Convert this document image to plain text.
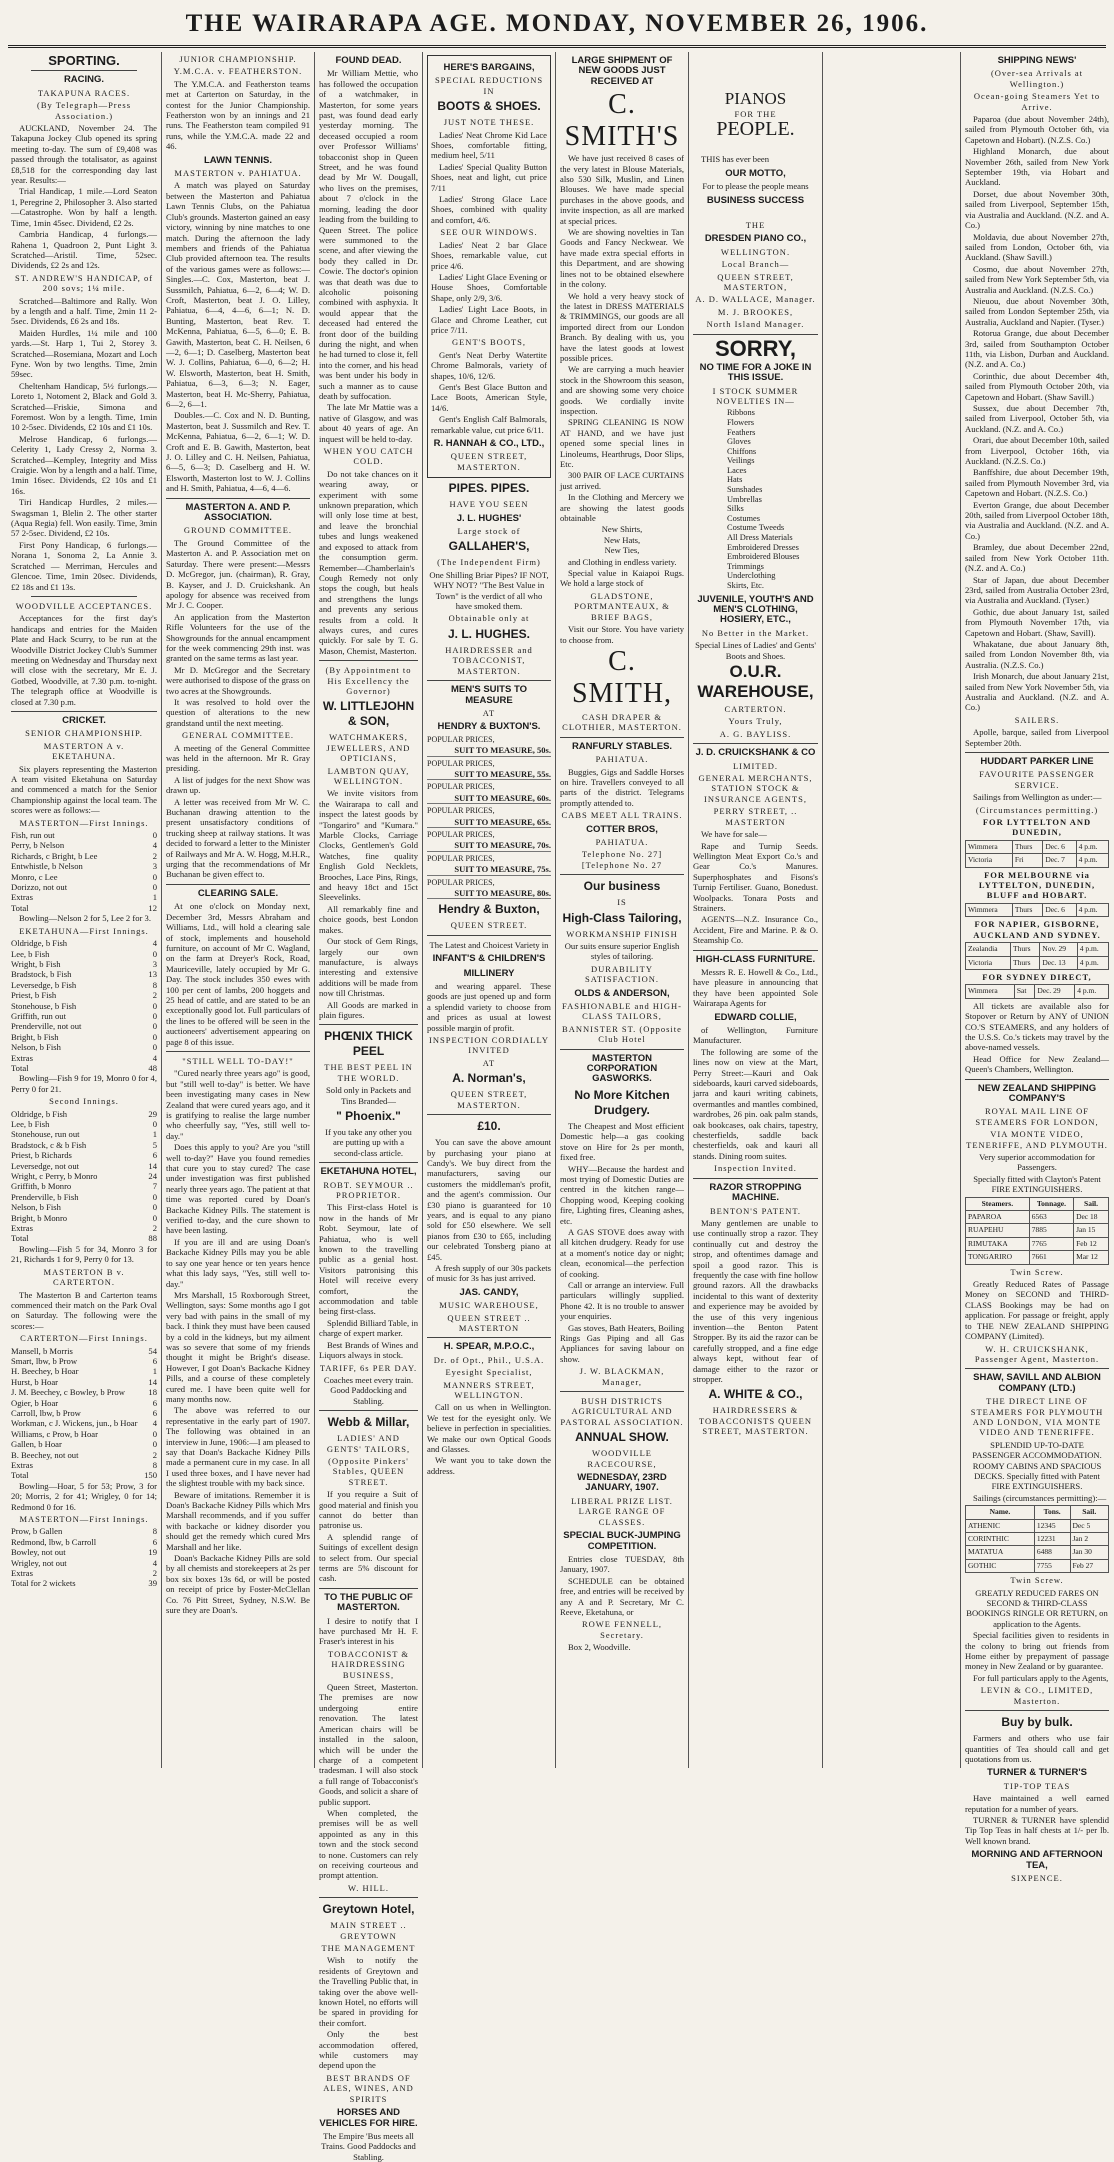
THE WAIRARAPA AGE. MONDAY, NOVEMBER 26, 1906.
SPORTING.
RACING.
TAKAPUNA RACES.
(By Telegraph—Press Association.)

AUCKLAND, November 24. The Takapuna Jockey Club opened its spring meeting to-day. The sum of £9,408 was passed through the totalisator, as against £8,518 for the corresponding day last year. Results:—

Trial Handicap, 1 mile.—Lord Seaton 1, Peregrine 2, Philosopher 3. Also started—Catastrophe. Won by half a length. Time, 1min 45sec. Dividend, £2 2s.

Cambria Handicap, 4 furlongs.—Rahena 1, Quadroon 2, Punt Light 3. Scratched—Aristil. Time, 52sec. Dividends, £2 2s and 12s.

ST. ANDREW'S HANDICAP, of 200 sovs; 1¼ mile.

Scratched—Baltimore and Rally. Won by a length and a half. Time, 2min 11 2-5sec. Dividends, £6 2s and 18s.

Maiden Hurdles, 1¼ mile and 100 yards.—St. Harp 1, Tui 2, Storey 3. Scratched—Rosemiana, Mozart and Loch Fyne. Won by two lengths. Time, 2min 59sec.

Cheltenham Handicap, 5½ furlongs.—Loreto 1, Notoment 2, Black and Gold 3. Scratched—Friskie, Simona and Foremost. Won by a length. Time, 1min 10 2-5sec. Dividends, £2 10s and £1 10s.

Melrose Handicap, 6 furlongs.—Celerity 1, Lady Cressy 2, Norma 3. Scratched—Kempley, Integrity and Miss Craigie. Won by a length and a half. Time, 1min 16sec. Dividends, £2 10s and £1 16s.

Tiri Handicap Hurdles, 2 miles.—Swagsman 1, Blelin 2. The other starter (Aqua Regia) fell. Won easily. Time, 3min 57 2-5sec. Dividend, £2 10s.

First Pony Handicap, 6 furlongs.—Norana 1, Sonoma 2, La Annie 3. Scratched — Merriman, Hercules and Glencoe. Time, 1min 20sec. Dividends, £2 18s and £1 13s.

WOODVILLE ACCEPTANCES.

Acceptances for the first day's handicaps and entries for the Maiden Plate and Hack Scurry, to be run at the Woodville District Jockey Club's Summer meeting on Wednesday and Thursday next will close with the secretary, Mr E. J. Gotbed, Woodville, at 7.30 p.m. to-night. The telegraph office at Woodville is closed at 7.30 p.m.

CRICKET.
SENIOR CHAMPIONSHIP.
MASTERTON A v. EKETAHUNA.

Six players representing the Masterton A team visited Eketahuna on Saturday and commenced a match for the Senior Championship against the local team. The scores were as follows:—

MASTERTON—First Innings.
Fish, run out	0
Perry, b Nelson	4
Richards, c Bright, b Lee	2
Entwhistle, b Nelson	3
Monro, c Lee	0
Dorizzo, not out	0
Extras	1
Total	12

Bowling—Nelson 2 for 5, Lee 2 for 3.

EKETAHUNA—First Innings.
Oldridge, b Fish	4
Lee, b Fish	0
Wright, b Fish	3
Bradstock, b Fish	13
Leversedge, b Fish	8
Priest, b Fish	2
Stonehouse, b Fish	0
Griffith, run out	0
Prenderville, not out	0
Bright, b Fish	0
Nelson, b Fish	0
Extras	4
Total	48

Bowling—Fish 9 for 19, Monro 0 for 4, Perry 0 for 21.

Second Innings.
Oldridge, b Fish	29
Lee, b Fish	0
Stonehouse, run out	1
Bradstock, c & b Fish	5
Priest, b Richards	6
Leversedge, not out	14
Wright, c Perry, b Monro	24
Griffith, b Monro	7
Prenderville, b Fish	0
Nelson, b Fish	0
Bright, b Monro	0
Extras	2
Total	88

Bowling—Fish 5 for 34, Monro 3 for 21, Richards 1 for 9, Perry 0 for 13.

MASTERTON B v. CARTERTON.

The Masterton B and Carterton teams commenced their match on the Park Oval on Saturday. The following were the scores:—

CARTERTON—First Innings.
Mansell, b Morris	54
Smart, lbw, b Prow	6
H. Beechey, b Hoar	1
Hurst, b Hoar	14
J. M. Beechey, c Bowley, b Prow	18
Ogier, b Hoar	6
Carroll, lbw, b Prow	6
Workman, c J. Wickens, jun., b Hoar 4
Williams, c Prow, b Hoar	0
Gallen, b Hoar	0
B. Beechey, not out	2
Extras	8
Total	150

Bowling—Hoar, 5 for 53; Prow, 3 for 20; Morris, 2 for 41; Wrigley, 0 for 14; Redmond 0 for 16.

MASTERTON—First Innings.
Prow, b Gallen	8
Redmond, lbw, b Carroll	6
Bowley, not out	19
Wrigley, not out	4
Extras	2
Total for 2 wickets	39
JUNIOR CHAMPIONSHIP.
Y.M.C.A. v. FEATHERSTON.

The Y.M.C.A. and Featherston teams met at Carterton on Saturday, in the contest for the Junior Championship. Featherston won by an innings and 21 runs. The Featherston team compiled 91 runs, while the Y.M.C.A. made 22 and 46.

LAWN TENNIS.
MASTERTON v. PAHIATUA.

A match was played on Saturday between the Masterton and Pahiatua Lawn Tennis Clubs, on the Pahiatua Club's grounds. Masterton gained an easy victory, winning by nine matches to one match. During the afternoon the lady members and friends of the Pahiatua Club provided afternoon tea. The results of the various games were as follows:—Singles.—C. Cox, Masterton, beat J. Sussmilch, Pahiatua, 6—2, 6—4; W. D. Croft, Masterton, beat J. O. Lilley, Pahiatua, 6—4, 4—6, 6—1; N. D. Bunting, Masterton, beat Rev. T. McKenna, Pahiatua, 6—5, 6—0; E. B. Gawith, Masterton, beat C. H. Neilsen, 6—2, 6—1; D. Caselberg, Masterton beat W. J. Collins, Pahiatua, 6—0, 6—2; H. W. Elsworth, Masterton, beat H. Smith, Pahiatua, 6—3, 6—3; N. Eager, Masterton, beat H. Mc-Sherry, Pahiatua, 6—2, 6—1.

Doubles.—C. Cox and N. D. Bunting, Masterton, beat J. Sussmilch and Rev. T. McKenna, Pahiatua, 6—2, 6—1; W. D. Croft and E. B. Gawith, Masterton, beat J. O. Lilley and C. H. Neilsen, Pahiatua, 6—5, 6—3; D. Caselberg and H. W. Elsworth, Masterton lost to W. J. Collins and H. Smith, Pahiatua, 4—6, 4—6.

MASTERTON A. AND P. ASSOCIATION.
GROUND COMMITTEE.

The Ground Committee of the Masterton A. and P. Association met on Saturday. There were present:—Messrs D. McGregor, jun. (chairman), R. Gray, B. Kayser, and J. D. Cruickshank. An apology for absence was received from Mr J. C. Cooper.

An application from the Masterton Rifle Volunteers for the use of the Showgrounds for the annual encampment for the week commencing 29th inst. was granted on the same terms as last year.

Mr D. McGregor and the Secretary were authorised to dispose of the grass on two acres at the Showgrounds.

It was resolved to hold over the question of alterations to the new grandstand until the next meeting.

GENERAL COMMITTEE.

A meeting of the General Committee was held in the afternoon. Mr R. Gray presiding.

A list of judges for the next Show was drawn up.

A letter was received from Mr W. C. Buchanan drawing attention to the present unsatisfactory conditions of trucking sheep at railway stations. It was decided to forward a letter to the Minister of Railways and Mr A. W. Hogg, M.H.R., urging that the recommendations of Mr Buchanan be given effect to.

CLEARING SALE.

At one o'clock on Monday next, December 3rd, Messrs Abraham and Williams, Ltd., will hold a clearing sale of stock, implements and household furniture, on account of Mr C. Wagland, on the farm at Dreyer's Rock, Road, Mauriceville, lately occupied by Mr G. Day. The stock includes 350 ewes with 100 per cent of lambs, 200 hoggets and 25 head of cattle, and are stated to be an exceptionally good lot. Full particulars of the lines to be offered will be seen in the auctioneers' advertisement appearing on page 8 of this issue.

"STILL WELL TO-DAY!"

"Cured nearly three years ago" is good, but "still well to-day" is better. We have been investigating many cases in New Zealand that were cured years ago, and it is gratifying to realise the large number who cheerfully say, "Yes, still well to-day."

Does this apply to you? Are you "still well to-day?" Have you found remedies that cure you to stay cured? The case under investigation was first published nearly three years ago. The patient at that time was reported cured by Doan's Backache Kidney Pills. The statement is verified to-day, and the cure shown to have been lasting.

If you are ill and are using Doan's Backache Kidney Pills may you be able to say one year hence or ten years hence what this lady says, "Yes, still well to-day."

Mrs Marshall, 15 Roxborough Street, Wellington, says: Some months ago I got very bad with pains in the small of my back. I think they must have been caused by a cold in the kidneys, but my ailment was so severe that some of my friends thought it might be Bright's disease. However, I got Doan's Backache Kidney Pills, and a course of these completely cured me. I have been quite well for many months now.

The above was referred to our representative in the early part of 1907. The following was obtained in an interview in June, 1906:—I am pleased to say that Doan's Backache Kidney Pills made a permanent cure in my case. In all I used three boxes, and I have never had the slightest trouble with my back since.

Beware of imitations. Remember it is Doan's Backache Kidney Pills which Mrs Marshall recommends, and if you suffer with backache or kidney disorder you should get the remedy which cured Mrs Marshall and her like.

Doan's Backache Kidney Pills are sold by all chemists and storekeepers at 2s per box six boxes 13s 6d, or will be posted on receipt of price by Foster-McClellan Co. 76 Pitt Street, Sydney, N.S.W. Be sure they are Doan's.

FOUND DEAD.

Mr William Mettie, who has followed the occupation of a watchmaker, in Masterton, for some years past, was found dead early yesterday morning. The deceased occupied a room over Professor Williams' tobacconist shop in Queen Street, and he was found dead by Mr W. Dougall, who lives on the premises, about 7 o'clock in the morning, leading the door leading from the building to Queen Street. The police were summoned to the scene, and after viewing the body they called in Dr. Cowie. The doctor's opinion was that death was due to alcoholic poisoning combined with asphyxia. It would appear that the deceased had entered the front door of the building during the night, and when he had turned to close it, fell into the corner, and his head was bent under his body in such a manner as to cause death by suffocation.

The late Mr Mattie was a native of Glasgow, and was about 40 years of age. An inquest will be held to-day.

WHEN YOU CATCH COLD.

Do not take chances on it wearing away, or experiment with some unknown preparation, which will only lose time at best, and leave the bronchial tubes and lungs weakened and exposed to attack from the consumption germ. Remember—Chamberlain's Cough Remedy not only stops the cough, but heals and strengthens the lungs and prevents any serious results from a cold. It always cures, and cures quickly. For sale by T. G. Mason, Chemist, Masterton.

(By Appointment to His Excellency the Governor)
W. LITTLEJOHN & SON,
WATCHMAKERS, JEWELLERS, AND OPTICIANS,
LAMBTON QUAY, WELLINGTON.

We invite visitors from the Wairarapa to call and inspect the latest goods by "Tongariro" and "Kumara." Marble Clocks, Carriage Clocks, Gentlemen's Gold Watches, fine quality English Gold Necklets, Brooches, Lace Pins, Rings, and heavy 18ct and 15ct Sleevelinks.

All remarkably fine and choice goods, best London makes.

Our stock of Gem Rings, largely our own manufacture, is always interesting and extensive additions will be made from now till Christmas.

All Goods are marked in plain figures.

PHŒNIX THICK PEEL
THE BEST PEEL IN THE WORLD.

Sold only in Packets and Tins Branded—

" Phoenix."

If you take any other you are putting up with a second-class article.

EKETAHUNA HOTEL,
ROBT. SEYMOUR .. PROPRIETOR.

This First-class Hotel is now in the hands of Mr Robt. Seymour, late of Pahiatua, who is well known to the travelling public as a genial host. Visitors patronising this Hotel will receive every comfort, the accommodation and table being first-class.

Splendid Billiard Table, in charge of expert marker.

Best Brands of Wines and Liquors always in stock.

TARIFF, 6s PER DAY.

Coaches meet every train. Good Paddocking and Stabling.

Webb & Millar,
LADIES' AND GENTS' TAILORS,
(Opposite Pinkers' Stables, QUEEN STREET.

If you require a Suit of good material and finish you cannot do better than patronise us.

A splendid range of Suitings of excellent design to select from. Our special terms are 5% discount for cash.

TO THE PUBLIC OF MASTERTON.

I desire to notify that I have purchased Mr H. F. Fraser's interest in his

TOBACCONIST & HAIRDRESSING BUSINESS,

Queen Street, Masterton. The premises are now undergoing entire renovation. The latest American chairs will be installed in the saloon, which will be under the charge of a competent tradesman. I will also stock a full range of Tobacconist's Goods, and solicit a share of public support.

When completed, the premises will be as well appointed as any in this town and the stock second to none. Customers can rely on receiving courteous and prompt attention.

W. HILL.
Greytown Hotel,
MAIN STREET .. GREYTOWN
THE MANAGEMENT

Wish to notify the residents of Greytown and the Travelling Public that, in taking over the above well-known Hotel, no efforts will be spared in providing for their comfort.

Only the best accommodation offered, while customers may depend upon the

BEST BRANDS OF ALES, WINES, AND SPIRITS
HORSES AND VEHICLES FOR HIRE.

The Empire 'Bus meets all Trains. Good Paddocks and Stabling.

HERE'S BARGAINS,
SPECIAL REDUCTIONS IN
BOOTS & SHOES.
JUST NOTE THESE.

Ladies' Neat Chrome Kid Lace Shoes, comfortable fitting, medium heel, 5/11

Ladies' Special Quality Button Shoes, neat and light, cut price 7/11

Ladies' Strong Glace Lace Shoes, combined with quality and comfort, 4/6.

SEE OUR WINDOWS.

Ladies' Neat 2 bar Glace Shoes, remarkable value, cut price 4/6.

Ladies' Light Glace Evening or House Shoes, Comfortable Shape, only 2/9, 3/6.

Ladies' Light Lace Boots, in Glace and Chrome Leather, cut price 7/11.

GENT'S BOOTS,

Gent's Neat Derby Watertite Chrome Balmorals, variety of shapes, 10/6, 12/6.

Gent's Best Glace Button and Lace Boots, American Style, 14/6.

Gent's English Calf Balmorals, remarkable value, cut price 6/11.

R. HANNAH & CO., LTD.,
QUEEN STREET, MASTERTON.
PIPES. PIPES.
HAVE YOU SEEN
J. L. HUGHES'
Large stock of
GALLAHER'S,
(The Independent Firm)

One Shilling Briar Pipes? IF NOT, WHY NOT? "The Best Value in Town" is the verdict of all who have smoked them.

Obtainable only at
J. L. HUGHES.
HAIRDRESSER and TOBACCONIST, MASTERTON.
MEN'S SUITS TO MEASURE
AT
HENDRY & BUXTON'S.
POPULAR PRICES,
SUIT TO MEASURE, 50s.
POPULAR PRICES,
SUIT TO MEASURE, 55s.
POPULAR PRICES,
SUIT TO MEASURE, 60s.
POPULAR PRICES,
SUIT TO MEASURE, 65s.
POPULAR PRICES,
SUIT TO MEASURE, 70s.
POPULAR PRICES,
SUIT TO MEASURE, 75s.
POPULAR PRICES,
SUIT TO MEASURE, 80s.
Hendry & Buxton,
QUEEN STREET.

The Latest and Choicest Variety in

INFANT'S & CHILDREN'S
MILLINERY

and wearing apparel. These goods are just opened up and form a splendid variety to choose from and prices as usual at lowest possible margin of profit.

INSPECTION CORDIALLY INVITED
AT
A. Norman's,
QUEEN STREET, MASTERTON.
£10.

You can save the above amount by purchasing your piano at Candy's. We buy direct from the manufacturers, saving our customers the middleman's profit, and the agent's commission. Our £30 piano is guaranteed for 10 years, and is equal to any piano sold for £50 elsewhere. We sell pianos from £30 to £65, including our celebrated Tonsberg piano at £45.

A fresh supply of our 30s packets of music for 3s has just arrived.

JAS. CANDY,
MUSIC WAREHOUSE,
QUEEN STREET .. MASTERTON
H. SPEAR, M.P.O.C.,
Dr. of Opt., Phil., U.S.A.
Eyesight Specialist,
MANNERS STREET, WELLINGTON.

Call on us when in Wellington. We test for the eyesight only. We believe in perfection in specialities. We make our own Optical Goods and Glasses.

We want you to take down the address.

LARGE SHIPMENT OF NEW GOODS JUST RECEIVED AT
C. SMITH'S

We have just received 8 cases of the very latest in Blouse Materials, also 530 Silk, Muslin, and Linen Blouses. We have made special purchases in the above goods, and invite inspection, as all are marked at special prices.

We are showing novelties in Tan Goods and Fancy Neckwear. We have made extra special efforts in this Department, and are showing lines not to be obtained elsewhere in the colony.

We hold a very heavy stock of the latest in DRESS MATERIALS & TRIMMINGS, our goods are all imported direct from our London Branch. By dealing with us, you have the latest goods at lowest possible prices.

We are carrying a much heavier stock in the Showroom this season, and are showing some very choice goods. We cordially invite inspection.

SPRING CLEANING IS NOW AT HAND, and we have just opened some special lines in Linoleums, Hearthrugs, Door Slips, Etc.

300 PAIR OF LACE CURTAINS just arrived.

In the Clothing and Mercery we are showing the latest goods obtainable

New Shirts,
New Hats,
New Ties,

and Clothing in endless variety.

Special value in Kaiapoi Rugs. We hold a large stock of

GLADSTONE, PORTMANTEAUX, & BRIEF BAGS,

Visit our Store. You have variety to choose from.

C. SMITH,
CASH DRAPER & CLOTHIER, MASTERTON.
RANFURLY STABLES.
PAHIATUA.

Buggies, Gigs and Saddle Horses on hire. Travellers conveyed to all parts of the district. Telegrams promptly attended to.

CABS MEET ALL TRAINS.
COTTER BROS,
PAHIATUA.
Telephone No. 27] [Telephone No. 27
Our business
IS
High-Class Tailoring,
WORKMANSHIP FINISH

Our suits ensure superior English styles of tailoring.

DURABILITY SATISFACTION.
OLDS & ANDERSON,
FASHIONABLE and HIGH-CLASS TAILORS,
BANNISTER ST. (Opposite Club Hotel
MASTERTON CORPORATION GASWORKS.
No More Kitchen Drudgery.

The Cheapest and Most efficient Domestic help—a gas cooking stove on Hire for 2s per month, fixed free.

WHY—Because the hardest and most trying of Domestic Duties are centred in the kitchen range—Chopping wood, Keeping cooking fire, Lighting fires, Cleaning ashes, etc.

A GAS STOVE does away with all kitchen drudgery. Ready for use at a moment's notice day or night; clean, economical—the perfection of cooking.

Call or arrange an interview. Full particulars willingly supplied. Phone 42. It is no trouble to answer your enquiries.

Gas stoves, Bath Heaters, Boiling Rings Gas Piping and all Gas Appliances for saving labour on show.

J. W. BLACKMAN, Manager,
BUSH DISTRICTS AGRICULTURAL AND PASTORAL ASSOCIATION.
ANNUAL SHOW.
WOODVILLE RACECOURSE,
WEDNESDAY, 23RD JANUARY, 1907.
LIBERAL PRIZE LIST. LARGE RANGE OF CLASSES.
SPECIAL BUCK-JUMPING COMPETITION.

Entries close TUESDAY, 8th January, 1907.

SCHEDULE can be obtained free, and entries will be received by any A and P. Secretary, Mr C. Reeve, Eketahuna, or

ROWE FENNELL, Secretary.

Box 2, Woodville.

PIANOS
FOR THE
PEOPLE.

THIS has ever been

OUR MOTTO,

For to please the people means

BUSINESS SUCCESS
THE
DRESDEN PIANO CO.,
WELLINGTON.
Local Branch—
QUEEN STREET, MASTERTON,
A. D. WALLACE, Manager.
M. J. BROOKES,
North Island Manager.
SORRY,
NO TIME FOR A JOKE IN THIS ISSUE.
I STOCK SUMMER NOVELTIES IN—
Ribbons
Flowers
Feathers
Gloves
Chiffons
Veilings
Laces
Hats
Sunshades
Umbrellas
Silks
Costumes
Costume Tweeds
All Dress Materials
Embroidered Dresses
Embroidered Blouses
Trimmings
Underclothing
Skirts, Etc.
JUVENILE, YOUTH'S AND MEN'S CLOTHING, HOSIERY, ETC.,
No Better in the Market.

Special Lines of Ladies' and Gents' Boots and Shoes.

O.U.R.
WAREHOUSE,
CARTERTON.
Yours Truly,
A. G. BAYLISS.
J. D. CRUICKSHANK & CO
LIMITED.
GENERAL MERCHANTS, STATION STOCK & INSURANCE AGENTS,
PERRY STREET, .. MASTERTON

We have for sale—

Rape and Turnip Seeds. Wellington Meat Export Co.'s and Gear Co.'s Manures. Superphosphates and Fisons's Turnip Fertiliser. Guano, Bonedust. Woolpacks. Tonara Posts and Strainers.

AGENTS—N.Z. Insurance Co., Accident, Fire and Marine. P. & O. Steamship Co.

HIGH-CLASS FURNITURE.

Messrs R. E. Howell & Co., Ltd., have pleasure in announcing that they have been appointed Sole Wairarapa Agents for

EDWARD COLLIE,

of Wellington, Furniture Manufacturer.

The following are some of the lines now on view at the Mart, Perry Street:—Kauri and Oak sideboards, kauri carved sideboards, jarra and kauri writing cabinets, overmantles and mantles combined, wardrobes, 26 pin. oak palm stands, oak bookcases, oak chairs, tapestry, chesterfields, saddle back chesterfields, oak and kauri all stands. Dining room suites.

Inspection Invited.
RAZOR STROPPING MACHINE.
BENTON'S PATENT.

Many gentlemen are unable to use continually strop a razor. They continually cut and destroy the strop, and oftentimes damage and spoil a good razor. This is frequently the case with fine hollow ground razors. All the drawbacks incidental to this want of dexterity and experience may be avoided by the use of this very ingenious invention—the Benton Patent Stropper. By its aid the razor can be carefully stropped, and a fine edge always kept, without fear of damage either to the razor or stropper.

A. WHITE & CO.,
HAIRDRESSERS & TOBACCONISTS QUEEN STREET, MASTERTON.
SHIPPING NEWS'
(Over-sea Arrivals at Wellington.)
Ocean-going Steamers Yet to Arrive.

Paparoa (due about November 24th), sailed from Plymouth October 6th, via Capetown and Hobart). (N.Z.S. Co.)

Highland Monarch, due about November 26th, sailed from New York September 19th, via Hobart and Auckland.

Dorset, due about November 30th, sailed from Liverpool, September 15th, via Australia and Auckland. (N.Z. and A. Co.)

Moldavia, due about November 27th, sailed from London, October 6th, via Auckland. (Shaw Savill.)

Cosmo, due about November 27th, sailed from New York September 5th, via Australia and Auckland. (N.Z.S. Co.)

Nieuou, due about November 30th, sailed from London September 25th, via Australia, Auckland and Napier. (Tyser.)

Rotorua Grange, due about December 3rd, sailed from Southampton October 11th, via Lisbon, Durban and Auckland. (N.Z. and A. Co.)

Corinthic, due about December 4th, sailed from Plymouth October 20th, via Capetown and Hobart. (Shaw Savill.)

Sussex, due about December 7th, sailed from Liverpool, October 5th, via Auckland. (N.Z. and A. Co.)

Orari, due about December 10th, sailed from Liverpool, October 16th, via Auckland. (N.Z.S. Co.)

Banffshire, due about December 19th, sailed from Plymouth November 3rd, via Capetown and Hobart. (N.Z.S. Co.)

Everton Grange, due about December 20th, sailed from Liverpool October 18th, via Australia and Auckland. (N.Z. and A. Co.)

Bramley, due about December 22nd, sailed from New York October 11th. (N.Z. and A. Co.)

Star of Japan, due about December 23rd, sailed from Australia October 23rd, via Australia and Auckland. (Tyser.)

Gothic, due about January 1st, sailed from Plymouth November 17th, via Capetown and Hobart. (Shaw, Savill).

Whakatane, due about January 8th, sailed from London November 8th, via Australia. (N.Z.S. Co.)

Irish Monarch, due about January 21st, sailed from New York November 5th, via Australia and Auckland. (N.Z. and A. Co.)

SAILERS.

Apolle, barque, sailed from Liverpool September 20th.

HUDDART PARKER LINE
FAVOURITE PASSENGER SERVICE.

Sailings from Wellington as under:—

(Circumstances permitting.)
FOR LYTTELTON AND DUNEDIN,
Wimmera	Thurs	Dec. 6	4 p.m.
Victoria	Fri	Dec. 7	4 p.m.
FOR MELBOURNE via LYTTELTON, DUNEDIN, BLUFF and HOBART.
Wimmera	Thurs	Dec. 6	4 p.m.
FOR NAPIER, GISBORNE, AUCKLAND AND SYDNEY.
Zealandia	Thurs	Nov. 29	4 p.m.
Victoria	Thurs	Dec. 13	4 p.m.
FOR SYDNEY DIRECT,
Wimmera	Sat	Dec. 29	4 p.m.

All tickets are available also for Stopover or Return by ANY of UNION CO.'S STEAMERS, and any holders of the U.S.S. Co.'s tickets may travel by the above-named vessels.

Head Office for New Zealand—Queen's Chambers, Wellington.

NEW ZEALAND SHIPPING COMPANY'S
ROYAL MAIL LINE OF STEAMERS FOR LONDON,
VIA MONTE VIDEO, TENERIFFE, AND PLYMOUTH.

Very superior accommodation for Passengers.

Specially fitted with Clayton's Patent FIRE EXTINGUISHERS.

Steamers.	Tonnage.	Sail.
PAPAROA	6563	Dec 18
RUAPEHU	7885	Jan 15
RIMUTAKA	7765	Feb 12
TONGARIRO	7661	Mar 12
Twin Screw.

Greatly Reduced Rates of Passage Money on SECOND and THIRD-CLASS Bookings may be had on application. For passage or freight, apply to THE NEW ZEALAND SHIPPING COMPANY (Limited).

W. H. CRUICKSHANK, Passenger Agent, Masterton.
SHAW, SAVILL AND ALBION COMPANY (LTD.)
THE DIRECT LINE OF STEAMERS FOR PLYMOUTH AND LONDON, VIA MONTE VIDEO AND TENERIFFE.

SPLENDID UP-TO-DATE PASSENGER ACCOMMODATION. ROOMY CABINS AND SPACIOUS DECKS. Specially fitted with Patent FIRE EXTINGUISHERS.

Sailings (circumstances permitting):—

Name.	Tons.	Sail.
ATHENIC	12345	Dec 5
CORINTHIC	12231	Jan 2
MATATUA	6488	Jan 30
GOTHIC	7755	Feb 27
Twin Screw.

GREATLY REDUCED FARES ON SECOND & THIRD-CLASS BOOKINGS RINGLE OR RETURN, on application to the Agents.

Special facilities given to residents in the colony to bring out friends from Home either by prepayment of passage money in New Zealand or by guarantee.

For full particulars apply to the Agents,

LEVIN & CO., LIMITED, Masterton.
Buy by bulk.

Farmers and others who use fair quantities of Tea should call and get quotations from us.

TURNER & TURNER'S
TIP-TOP TEAS

Have maintained a well earned reputation for a number of years.

TURNER & TURNER have splendid Tip Top Teas in half chests at 1/- per lb. Well known brand.

MORNING AND AFTERNOON TEA,
SIXPENCE.
